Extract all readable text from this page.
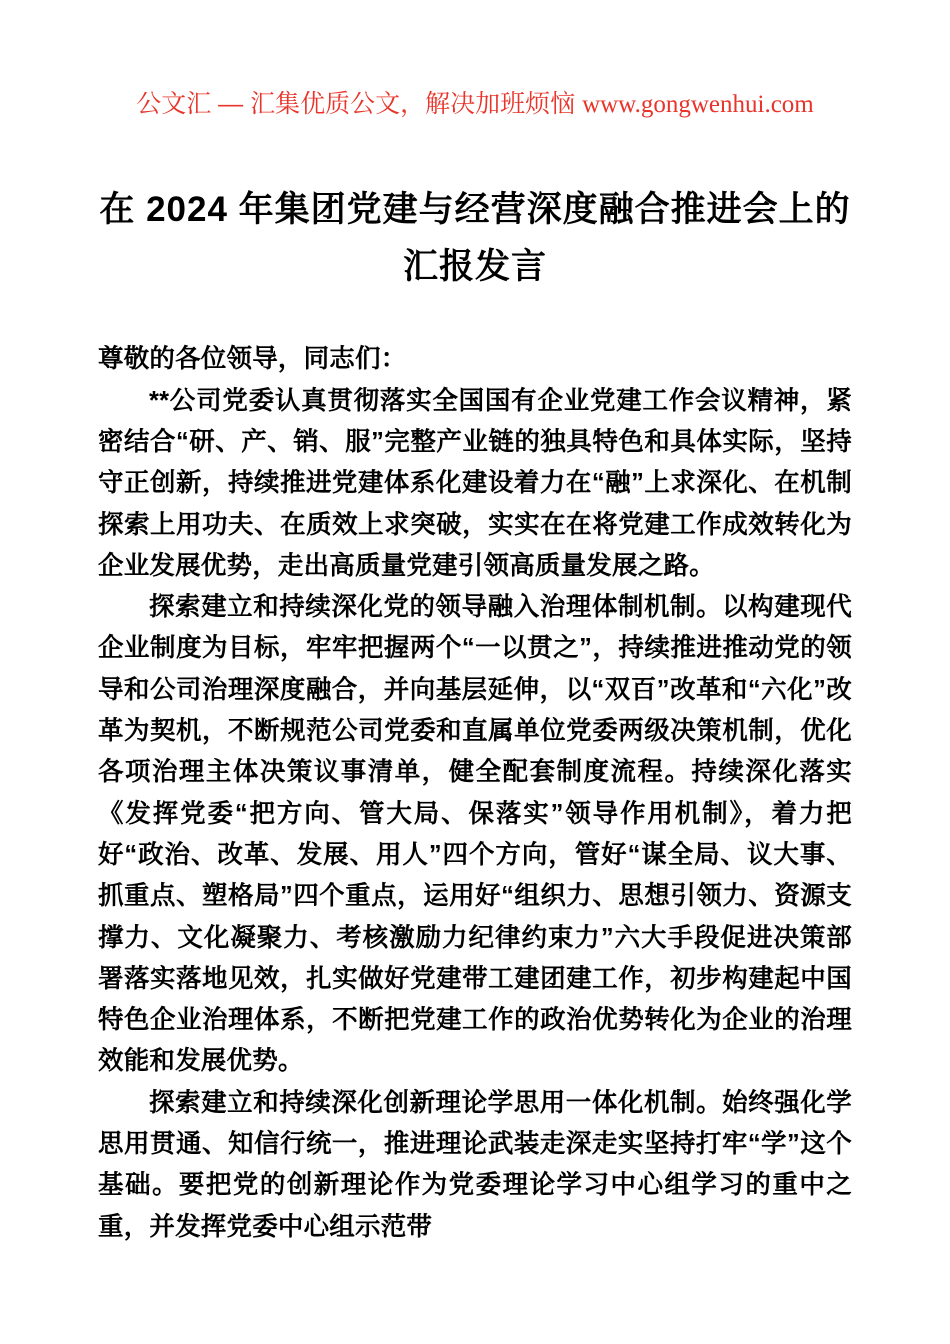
公文汇 — 汇集优质公文，解决加班烦恼 www.gongwenhui.com
在 2024 年集团党建与经营深度融合推进会上的汇报发言

尊敬的各位领导，同志们：

**公司党委认真贯彻落实全国国有企业党建工作会议精神，紧密结合“研、产、销、服”完整产业链的独具特色和具体实际，坚持守正创新，持续推进党建体系化建设着力在“融”上求深化、在机制探索上用功夫、在质效上求突破，实实在在将党建工作成效转化为企业发展优势，走出高质量党建引领高质量发展之路。

探索建立和持续深化党的领导融入治理体制机制。以构建现代企业制度为目标，牢牢把握两个“一以贯之”，持续推进推动党的领导和公司治理深度融合，并向基层延伸，以“双百”改革和“六化”改革为契机，不断规范公司党委和直属单位党委两级决策机制，优化各项治理主体决策议事清单，健全配套制度流程。持续深化落实《发挥党委“把方向、管大局、保落实”领导作用机制》，着力把好“政治、改革、发展、用人”四个方向，管好“谋全局、议大事、抓重点、塑格局”四个重点，运用好“组织力、思想引领力、资源支撑力、文化凝聚力、考核激励力纪律约束力”六大手段促进决策部署落实落地见效，扎实做好党建带工建团建工作，初步构建起中国特色企业治理体系，不断把党建工作的政治优势转化为企业的治理效能和发展优势。

探索建立和持续深化创新理论学思用一体化机制。始终强化学思用贯通、知信行统一，推进理论武装走深走实坚持打牢“学”这个基础。要把党的创新理论作为党委理论学习中心组学习的重中之重，并发挥党委中心组示范带
